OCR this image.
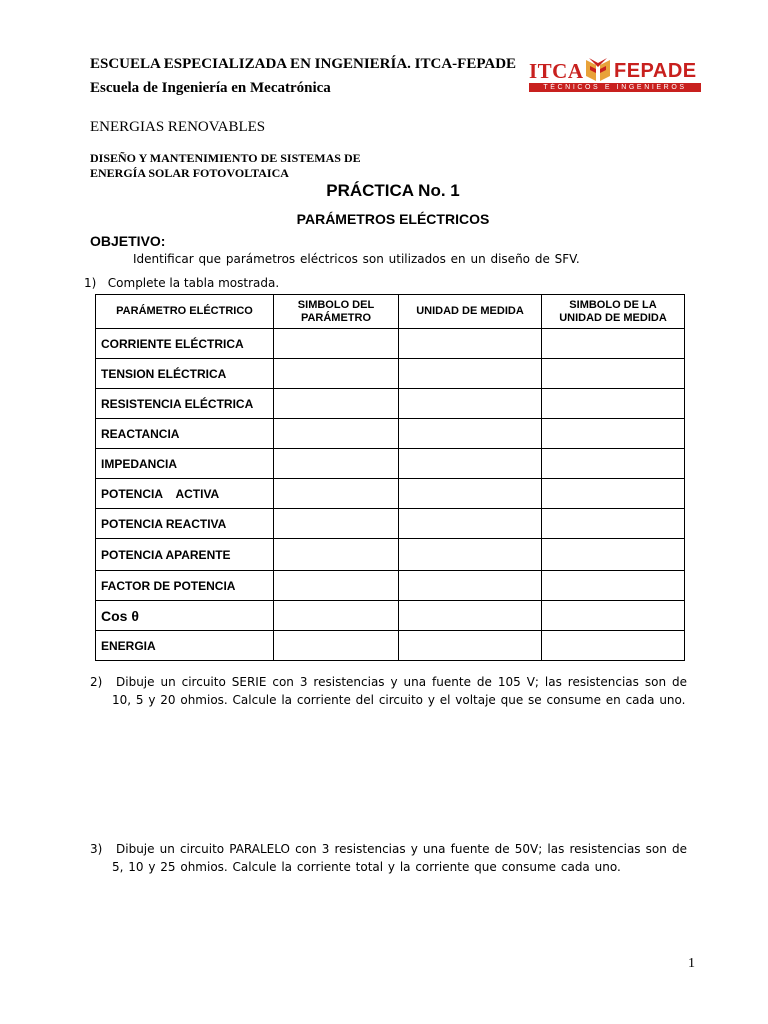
ESCUELA ESPECIALIZADA EN INGENIERÍA. ITCA-FEPADE
Escuela de Ingeniería en Mecatrónica
ENERGIAS RENOVABLES
DISEÑO Y MANTENIMIENTO DE SISTEMAS DE
ENERGÍA SOLAR FOTOVOLTAICA
ITCA FEPADE
TÉCNICOS E INGENIEROS
PRÁCTICA No. 1
PARÁMETROS ELÉCTRICOS
OBJETIVO:
Identificar que parámetros eléctricos son utilizados en un diseño de SFV.
1) Complete la tabla mostrada.
PARÁMETRO ELÉCTRICO	SIMBOLO DEL PARÁMETRO	UNIDAD DE MEDIDA	SIMBOLO DE LA UNIDAD DE MEDIDA
CORRIENTE ELÉCTRICA			
TENSION ELÉCTRICA			
RESISTENCIA ELÉCTRICA			
REACTANCIA			
IMPEDANCIA			
POTENCIA    ACTIVA			
POTENCIA REACTIVA			
POTENCIA APARENTE			
FACTOR DE POTENCIA			
Cos θ			
ENERGIA			
2)	Dibuje un circuito SERIE con 3 resistencias y una fuente de 105 V; las resistencias son de 10, 5 y 20 ohmios. Calcule la corriente del circuito y el voltaje que se consume en cada uno.
3)	Dibuje un circuito PARALELO con 3 resistencias y una fuente de 50V; las resistencias son de 5, 10 y 25 ohmios. Calcule la corriente total y la corriente que consume cada uno.
1
